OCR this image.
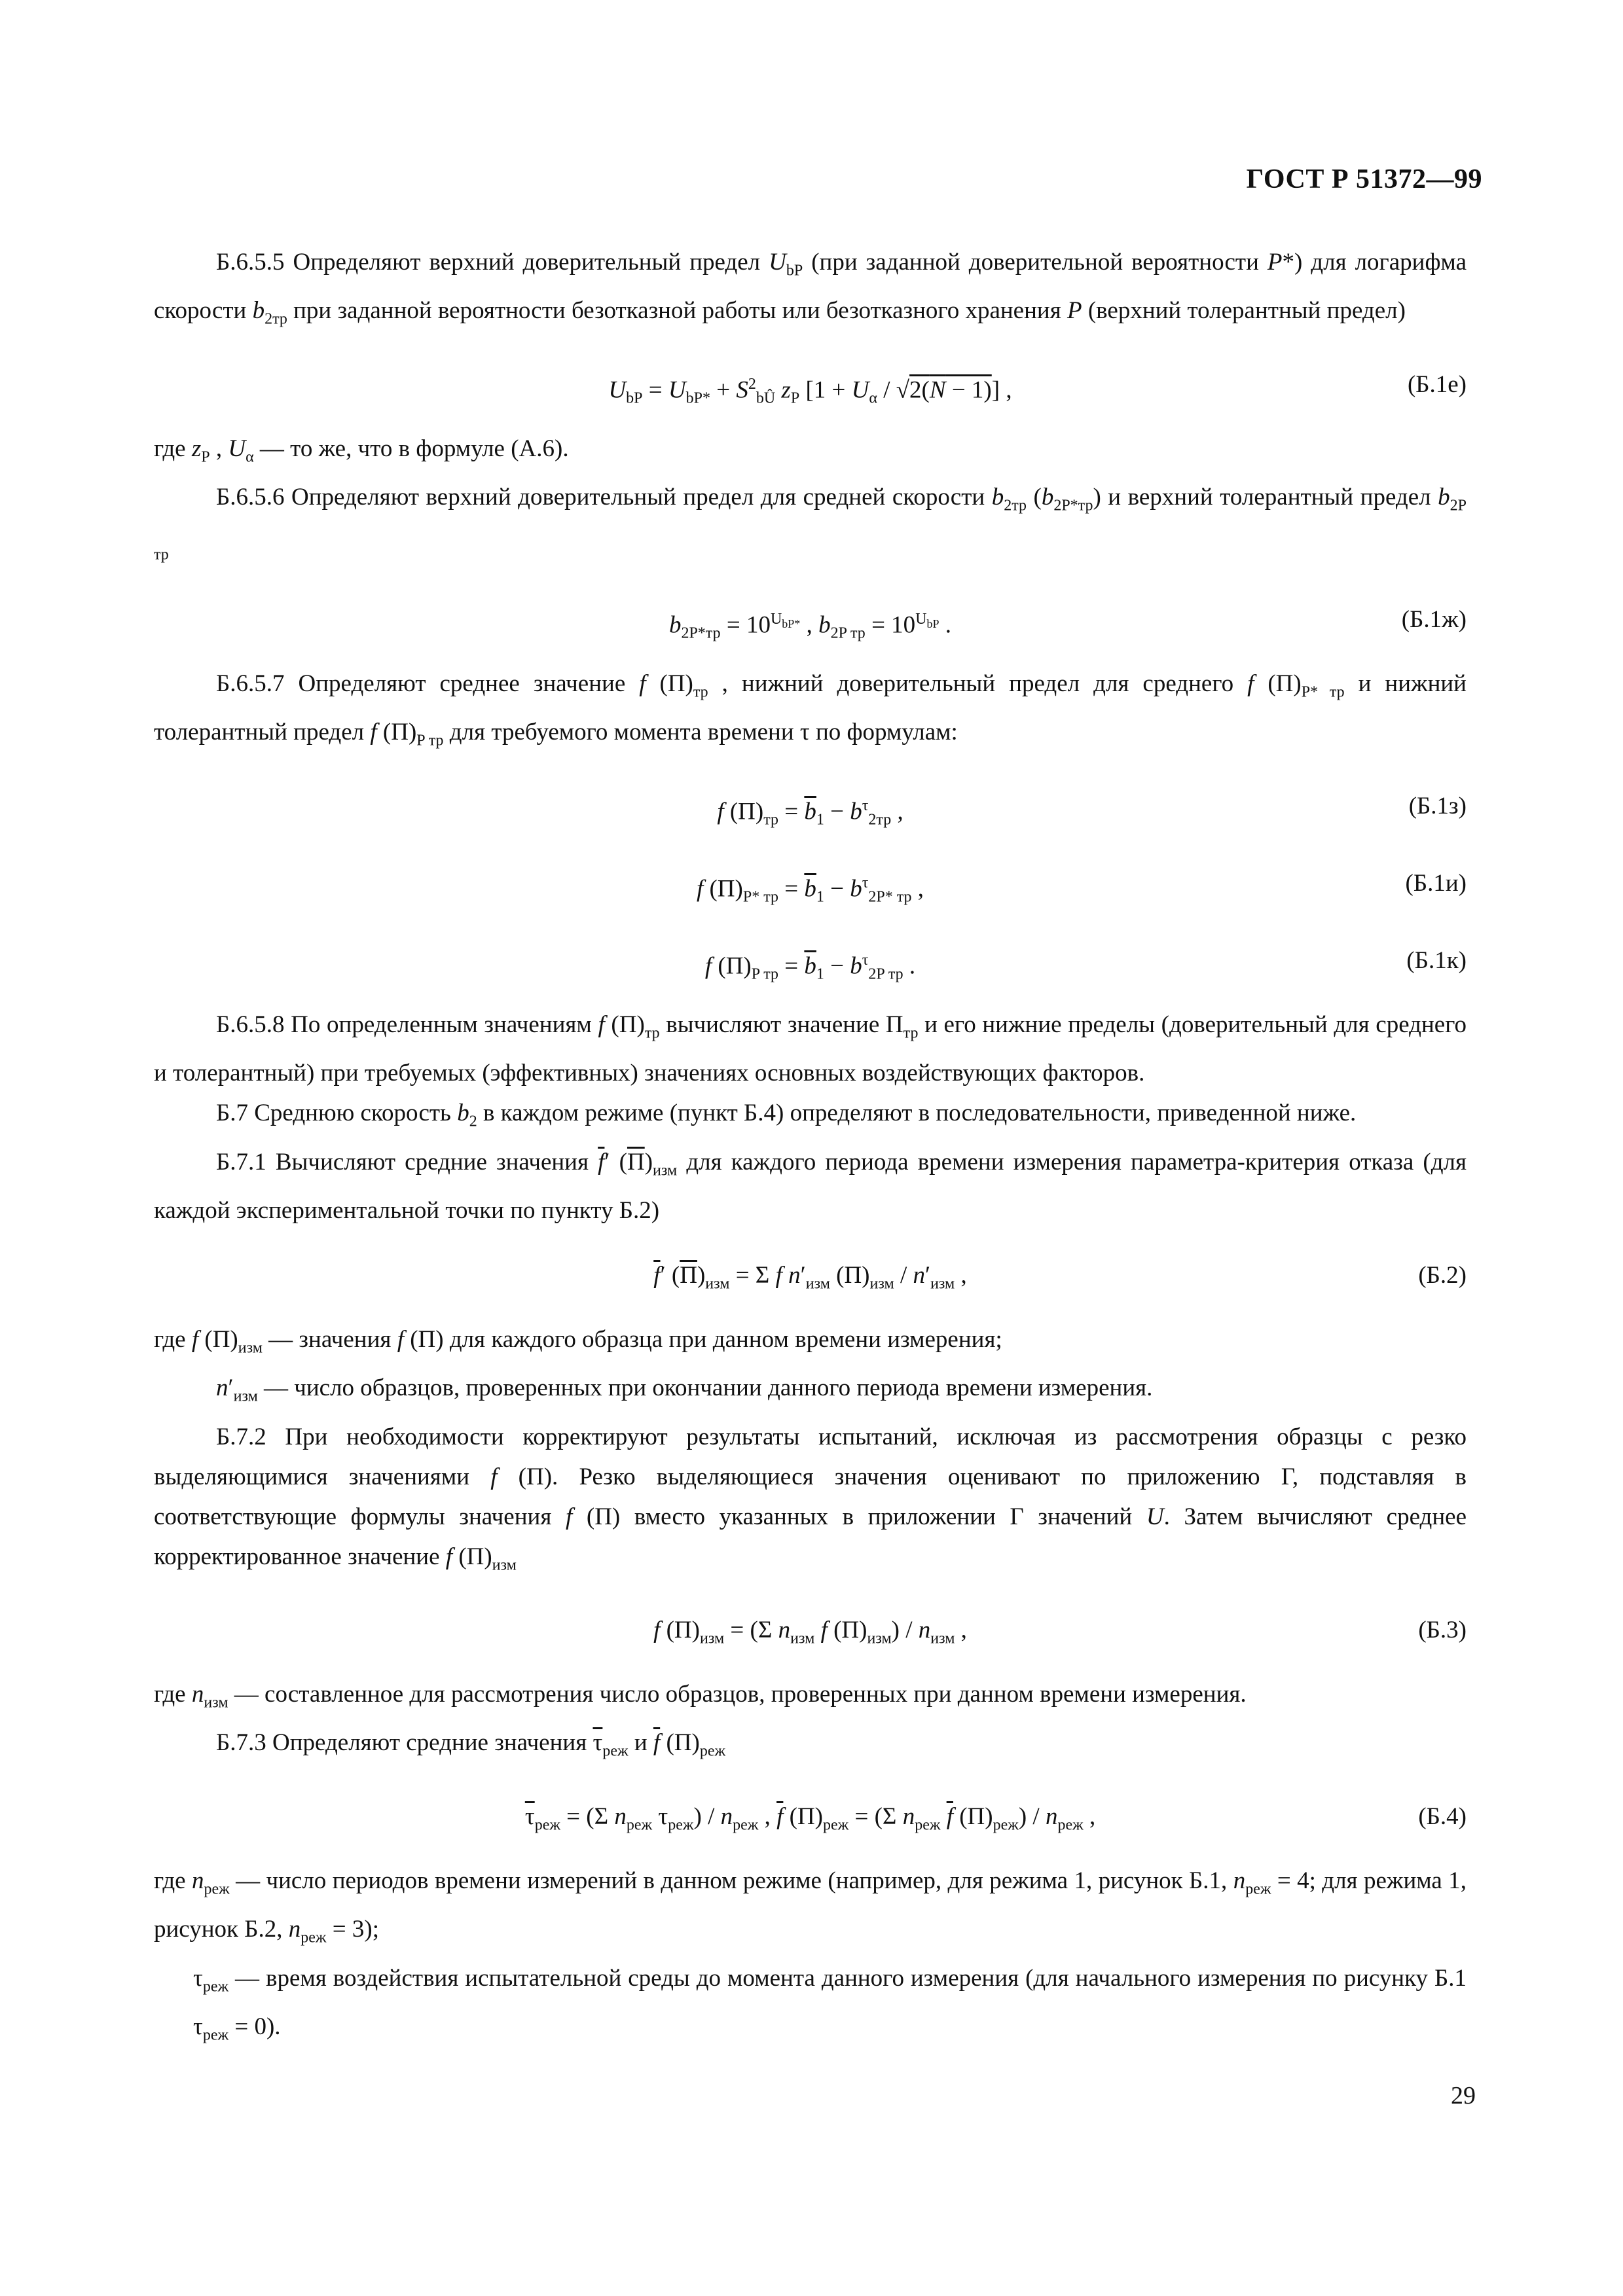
ГОСТ Р 51372—99

Б.6.5.5 Определяют верхний доверительный предел $U_{bP}$ (при заданной доверительной вероятности P*) для логарифма скорости $b_{2тр}$ при заданной вероятности безотказной работы или безотказного хранения P (верхний толерантный предел)

$U_{bP} = U_{bP*} + S^2_{bÛ}$ $z_P$ $[1 + U_\alpha / √2(N - 1)]$ ,	(Б.1е)

где $z_P$ , $U_\alpha$ — то же, что в формуле (А.6).

Б.6.5.6 Определяют верхний доверительный предел для средней скорости $b_{2тр}$ $(b_{2P*тр})$ и верхний толерантный предел $b_{2P тр}$

$b_{2P*тр} = 10^{U_{bP*}}$ , $b_{2P тр} = 10^{U_{bP}}$ .	(Б.1ж)

Б.6.5.7 Определяют среднее значение f $(П)_{тр}$ , нижний доверительный предел для среднего f $(П)_{P* тр}$ и нижний толерантный предел f $(П)_{P тр}$ для требуемого момента времени τ по формулам:

f $(П)_{тр} = \overline{b}_1 - b^\tau_{2тр}$ ,	(Б.1з)
f $(П)_{P* тр} = \overline{b}_1 - b^\tau_{2P* тр}$ ,	(Б.1и)
f $(П)_{P тр} = \overline{b}_1 - b^\tau_{2P тр}$ .	(Б.1к)

Б.6.5.8 По определенным значениям f $(П)_{тр}$ вычисляют значение $П_{тр}$ и его нижние пределы (доверительный для среднего и толерантный) при требуемых (эффективных) значениях основных воздействующих факторов.

Б.7 Среднюю скорость $b_2$ в каждом режиме (пункт Б.4) определяют в последовательности, приведенной ниже.

Б.7.1 Вычисляют средние значения $\overline{f}'$ $(П)_{изм}$ для каждого периода времени измерения параметра-критерия отказа (для каждой экспериментальной точки по пункту Б.2)

$\overline{f}'$ $(П)_{изм} = \Sigma$ f $n'_{изм}$ $(П)_{изм} / n'_{изм}$ ,	(Б.2)

где f $(П)_{изм}$ — значения f (П) для каждого образца при данном времени измерения;

$n'_{изм}$ — число образцов, проверенных при окончании данного периода времени измерения.

Б.7.2 При необходимости корректируют результаты испытаний, исключая из рассмотрения образцы с резко выделяющимися значениями f (П). Резко выделяющиеся значения оценивают по приложению Г, подставляя в соответствующие формулы значения f (П) вместо указанных в приложении Г значений U. Затем вычисляют среднее корректированное значение f $(П)_{изм}$

f $(П)_{изм} = (\Sigma$ $n_{изм}$ f $(П)_{изм}) / n_{изм}$ ,	(Б.3)

где $n_{изм}$ — составленное для рассмотрения число образцов, проверенных при данном времени измерения.

Б.7.3 Определяют средние значения $\overline{\tau}_{реж}$ и $\overline{f}$ $(П)_{реж}$

$\overline{\tau}_{реж} = (\Sigma$ $n_{реж}$ $\tau_{реж}) / n_{реж}$ , $\overline{f}$ $(П)_{реж} = (\Sigma$ $n_{реж}$ $\overline{f}$ $(П)_{реж}) / n_{реж}$ ,	(Б.4)

где $n_{реж}$ — число периодов времени измерений в данном режиме (например, для режима 1, рисунок Б.1, $n_{реж} = 4$; для режима 1, рисунок Б.2, $n_{реж} = 3$);

$\tau_{реж}$ — время воздействия испытательной среды до момента данного измерения (для начального измерения по рисунку Б.1 $\tau_{реж} = 0$).

29
